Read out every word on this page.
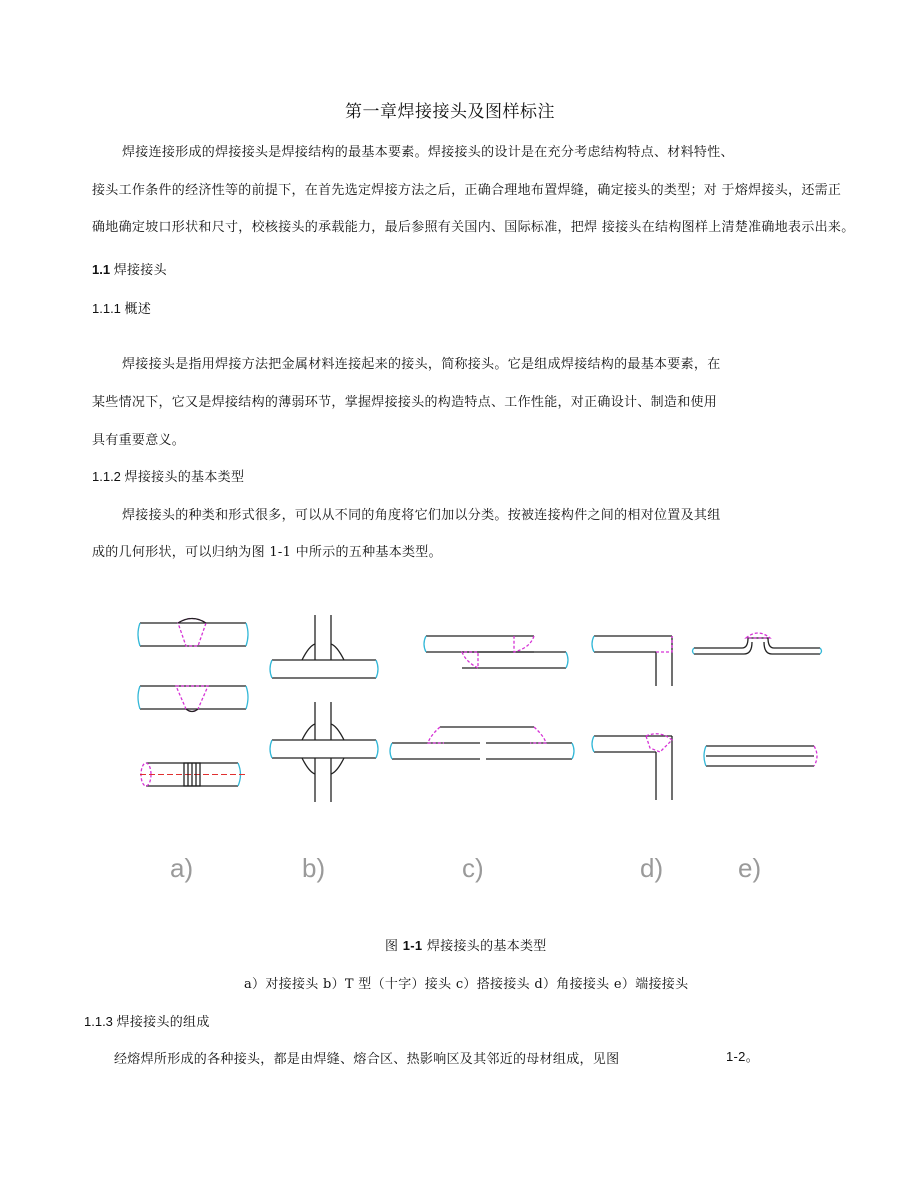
第一章焊接接头及图样标注
焊接连接形成的焊接接头是焊接结构的最基本要素。焊接接头的设计是在充分考虑结构特点、材料特性、
接头工作条件的经济性等的前提下，在首先选定焊接方法之后，正确合理地布置焊缝，确定接头的类型；对 于熔焊接头，还需正
确地确定坡口形状和尺寸，校核接头的承载能力，最后参照有关国内、国际标准，把焊 接接头在结构图样上清楚准确地表示出来。
1.1 焊接接头
1.1.1 概述
焊接接头是指用焊接方法把金属材料连接起来的接头，简称接头。它是组成焊接结构的最基本要素，在
某些情况下，它又是焊接结构的薄弱环节，掌握焊接接头的构造特点、工作性能，对正确设计、制造和使用
具有重要意义。
1.1.2 焊接接头的基本类型
焊接接头的种类和形式很多，可以从不同的角度将它们加以分类。按被连接构件之间的相对位置及其组
成的几何形状，可以归纳为图 1-1 中所示的五种基本类型。
a)	b)	c)	d)	e)
图 1-1 焊接接头的基本类型
a）对接接头 b）T 型（十字）接头 c）搭接接头 d）角接接头 e）端接接头
1.1.3 焊接接头的组成
经熔焊所形成的各种接头，都是由焊缝、熔合区、热影响区及其邻近的母材组成，见图	1-2。
